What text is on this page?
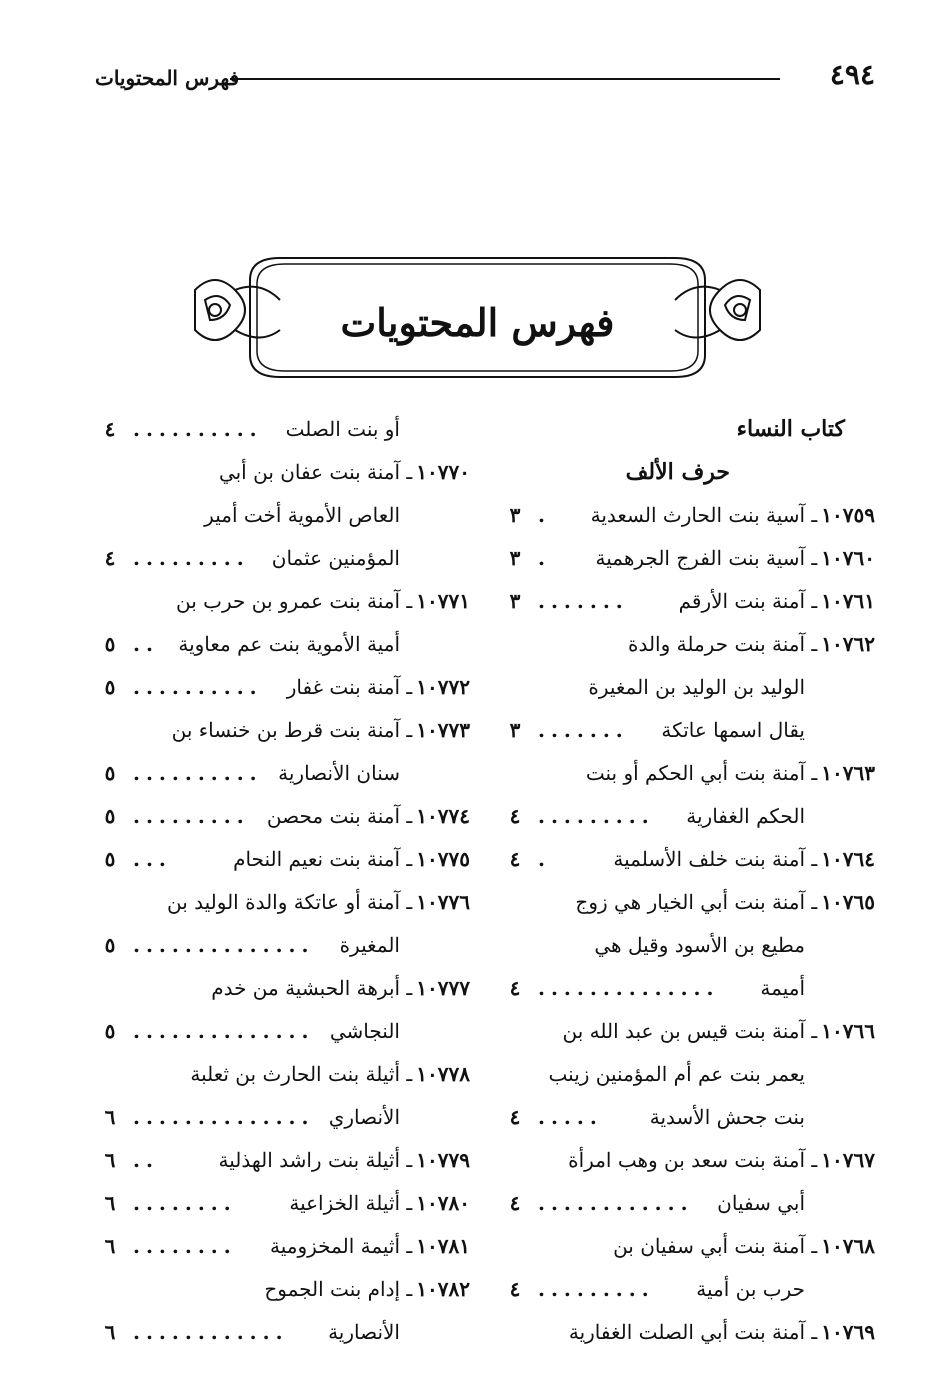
٤٩٤
فهرس المحتويات
فهرس المحتويات
كتاب النساء
حرف الألف
١٠٧٥٩ـ آسية بنت الحارث السعدية
.
٣
١٠٧٦٠ـ آسية بنت الفرج الجرهمية
.
٣
١٠٧٦١ـ آمنة بنت الأرقم
.......
٣
١٠٧٦٢ـ آمنة بنت حرملة والدة
الوليد بن الوليد بن المغيرة
يقال اسمها عاتكة
.......
٣
١٠٧٦٣ـ آمنة بنت أبي الحكم أو بنت
الحكم الغفارية
.........
٤
١٠٧٦٤ـ آمنة بنت خلف الأسلمية
.
٤
١٠٧٦٥ـ آمنة بنت أبي الخيار هي زوج
مطيع بن الأسود وقيل هي
أميمة
..............
٤
١٠٧٦٦ـ آمنة بنت قيس بن عبد الله بن
يعمر بنت عم أم المؤمنين زينب
بنت جحش الأسدية
.....
٤
١٠٧٦٧ـ آمنة بنت سعد بن وهب امرأة
أبي سفيان
............
٤
١٠٧٦٨ـ آمنة بنت أبي سفيان بن
حرب بن أمية
.........
٤
١٠٧٦٩ـ آمنة بنت أبي الصلت الغفارية
أو بنت الصلت
..........
٤
١٠٧٧٠ـ آمنة بنت عفان بن أبي
العاص الأموية أخت أمير
المؤمنين عثمان
.........
٤
١٠٧٧١ـ آمنة بنت عمرو بن حرب بن
أمية الأموية بنت عم معاوية
..
٥
١٠٧٧٢ـ آمنة بنت غفار
..........
٥
١٠٧٧٣ـ آمنة بنت قرط بن خنساء بن
سنان الأنصارية
..........
٥
١٠٧٧٤ـ آمنة بنت محصن
.........
٥
١٠٧٧٥ـ آمنة بنت نعيم النحام
...
٥
١٠٧٧٦ـ آمنة أو عاتكة والدة الوليد بن
المغيرة
..............
٥
١٠٧٧٧ـ أبرهة الحبشية من خدم
النجاشي
..............
٥
١٠٧٧٨ـ أثيلة بنت الحارث بن ثعلبة
الأنصاري
..............
٦
١٠٧٧٩ـ أثيلة بنت راشد الهذلية
..
٦
١٠٧٨٠ـ أثيلة الخزاعية
........
٦
١٠٧٨١ـ أثيمة المخزومية
........
٦
١٠٧٨٢ـ إدام بنت الجموح
الأنصارية
............
٦
